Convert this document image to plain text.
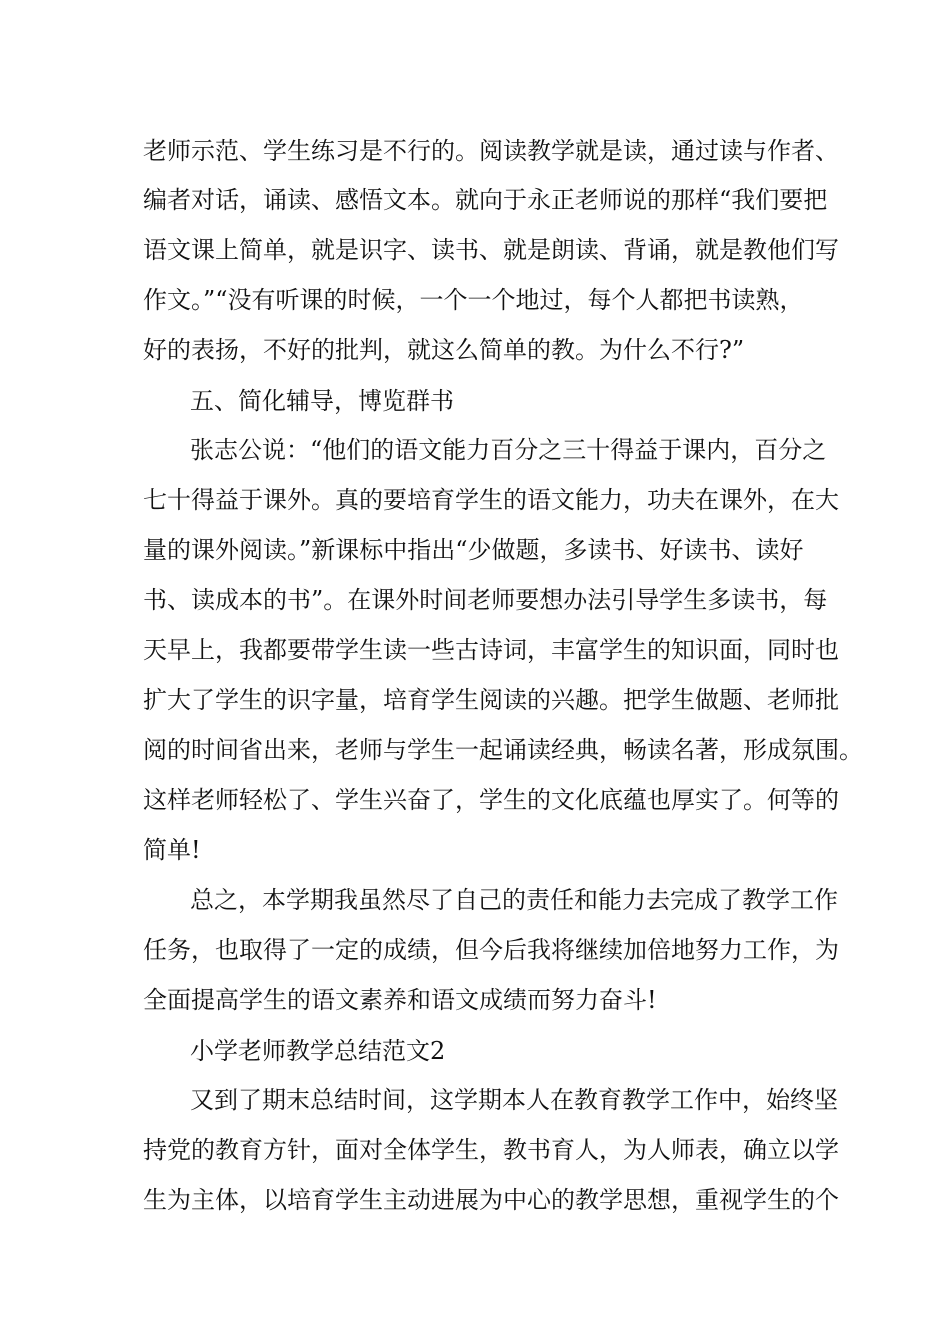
老师示范、学生练习是不行的。阅读教学就是读，通过读与作者、
编者对话，诵读、感悟文本。就向于永正老师说的那样“我们要把
语文课上简单，就是识字、读书、就是朗读、背诵，就是教他们写
作文。”“没有听课的时候，一个一个地过，每个人都把书读熟，
好的表扬，不好的批判，就这么简单的教。为什么不行?”
五、简化辅导，博览群书
张志公说：“他们的语文能力百分之三十得益于课内，百分之
七十得益于课外。真的要培育学生的语文能力，功夫在课外，在大
量的课外阅读。”新课标中指出“少做题，多读书、好读书、读好
书、读成本的书”。在课外时间老师要想办法引导学生多读书，每
天早上，我都要带学生读一些古诗词，丰富学生的知识面，同时也
扩大了学生的识字量，培育学生阅读的兴趣。把学生做题、老师批
阅的时间省出来，老师与学生一起诵读经典，畅读名著，形成氛围。
这样老师轻松了、学生兴奋了，学生的文化底蕴也厚实了。何等的
简单!
总之，本学期我虽然尽了自己的责任和能力去完成了教学工作
任务，也取得了一定的成绩，但今后我将继续加倍地努力工作，为
全面提高学生的语文素养和语文成绩而努力奋斗!
小学老师教学总结范文2
又到了期末总结时间，这学期本人在教育教学工作中，始终坚
持党的教育方针，面对全体学生，教书育人，为人师表，确立以学
生为主体，以培育学生主动进展为中心的教学思想，重视学生的个
